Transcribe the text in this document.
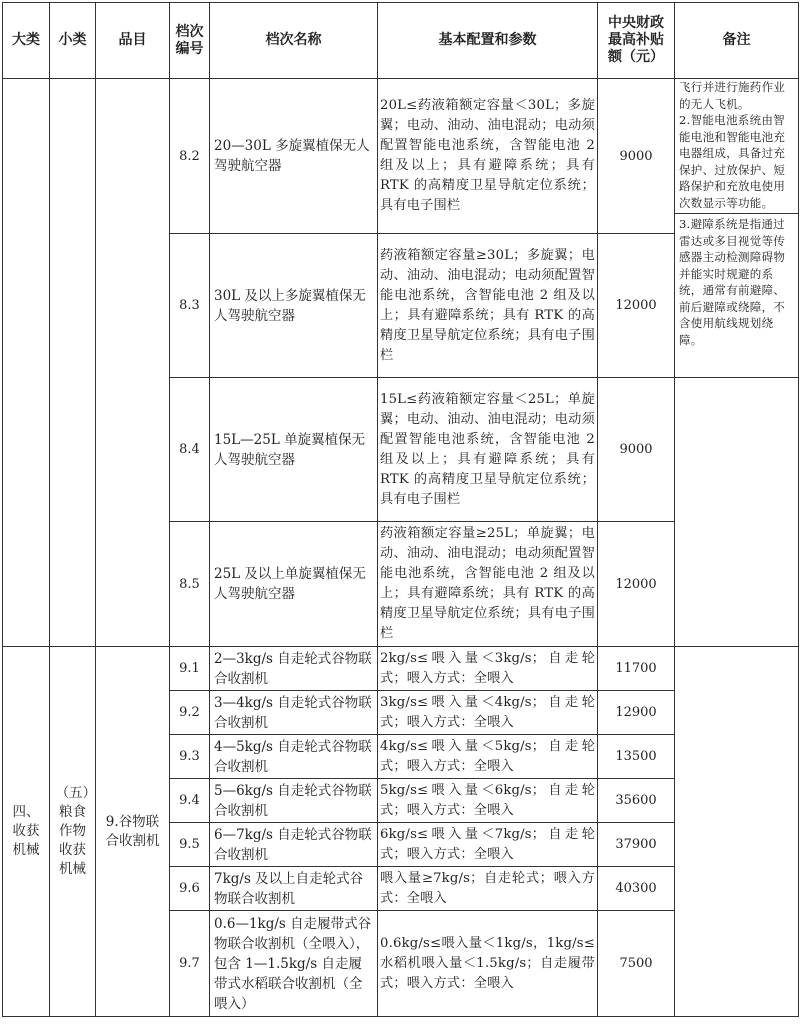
大类	小类	品目	档次
编号	档次名称	基本配置和参数	中央财政
最高补贴
额（元）	备注
			8.2	20—30L 多旋翼植保无人驾驶航空器	20L≤药液箱额定容量＜30L；多旋翼；电动、油动、油电混动；电动须配置智能电池系统，含智能电池 2 组及以上；具有避障系统；具有 RTK 的高精度卫星导航定位系统；具有电子围栏	9000	飞行并进行施药作业的无人飞机。

2.智能电池系统由智能电池和智能电池充电器组成，具备过充保护、过放保护、短路保护和充放电使用次数显示等功能。

3.避障系统是指通过雷达或多目视觉等传感器主动检测障碍物并能实时规避的系统，通常有前避障、前后避障或绕障，不含使用航线规划绕障。

			8.3	30L 及以上多旋翼植保无人驾驶航空器	药液箱额定容量≥30L；多旋翼；电动、油动、油电混动；电动须配置智能电池系统，含智能电池 2 组及以上；具有避障系统；具有 RTK 的高精度卫星导航定位系统；具有电子围栏	12000	
			8.4	15L—25L 单旋翼植保无人驾驶航空器	15L≤药液箱额定容量＜25L；单旋翼；电动、油动、油电混动；电动须配置智能电池系统，含智能电池 2 组及以上；具有避障系统；具有 RTK 的高精度卫星导航定位系统；具有电子围栏	9000	
			8.5	25L 及以上单旋翼植保无人驾驶航空器	药液箱额定容量≥25L；单旋翼；电动、油动、油电混动；电动须配置智能电池系统，含智能电池 2 组及以上；具有避障系统；具有 RTK 的高精度卫星导航定位系统；具有电子围栏	12000	
四、收获机械	（五）粮食作物收获机械	9.谷物联合收割机	9.1	2—3kg/s 自走轮式谷物联合收割机	2kg/s≤喂入量＜3kg/s；自走轮式；喂入方式：全喂入	11700	
			9.2	3—4kg/s 自走轮式谷物联合收割机	3kg/s≤喂入量＜4kg/s；自走轮式；喂入方式：全喂入	12900	
			9.3	4—5kg/s 自走轮式谷物联合收割机	4kg/s≤喂入量＜5kg/s；自走轮式；喂入方式：全喂入	13500	
			9.4	5—6kg/s 自走轮式谷物联合收割机	5kg/s≤喂入量＜6kg/s；自走轮式；喂入方式：全喂入	35600	
			9.5	6—7kg/s 自走轮式谷物联合收割机	6kg/s≤喂入量＜7kg/s；自走轮式；喂入方式：全喂入	37900	
			9.6	7kg/s 及以上自走轮式谷物联合收割机	喂入量≥7kg/s；自走轮式；喂入方式：全喂入	40300	
			9.7	0.6—1kg/s 自走履带式谷物联合收割机（全喂入），包含 1—1.5kg/s 自走履带式水稻联合收割机（全喂入）	0.6kg/s≤喂入量＜1kg/s，1kg/s≤水稻机喂入量＜1.5kg/s；自走履带式；喂入方式：全喂入	7500	
